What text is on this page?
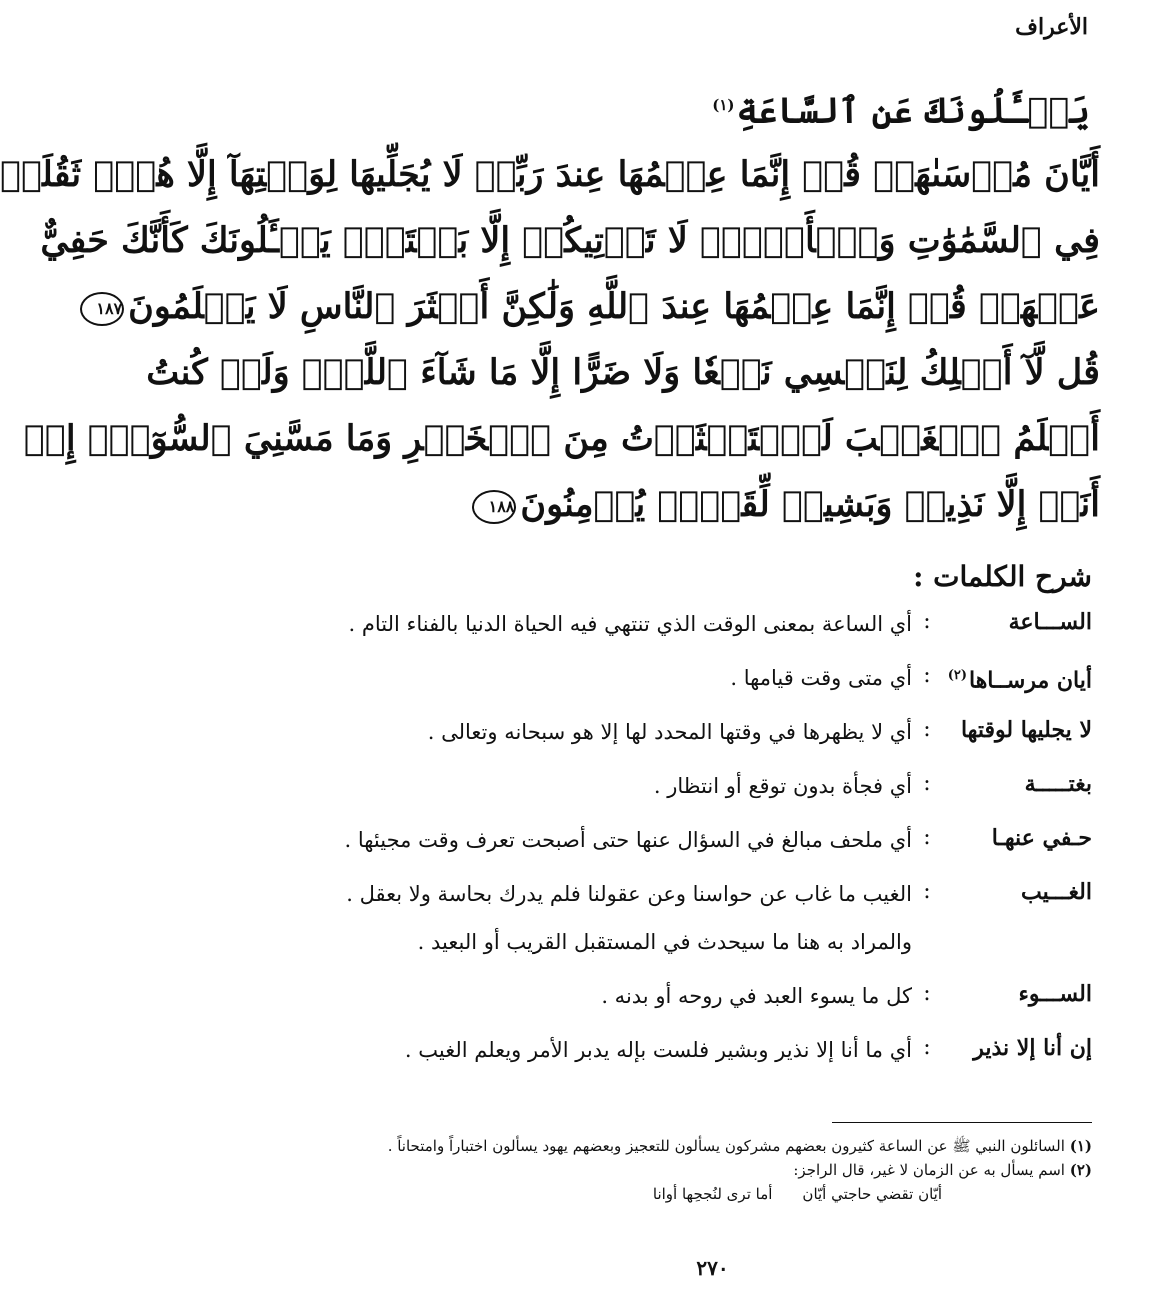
الأعراف
يَسۡـَٔلُونَكَ عَنِ ٱلسَّاعَةِ$^{(١)}$
أَيَّانَ مُرۡسَىٰهَاۖ قُلۡ إِنَّمَا عِلۡمُهَا عِندَ رَبِّيۖ لَا يُجَلِّيهَا لِوَقۡتِهَآ إِلَّا هُوَۚ ثَقُلَتۡ
فِي ٱلسَّمَٰوَٰتِ وَٱلۡأَرۡضِۚ لَا تَأۡتِيكُمۡ إِلَّا بَغۡتَةٗۗ يَسۡـَٔلُونَكَ كَأَنَّكَ حَفِيٌّ
عَنۡهَاۖ قُلۡ إِنَّمَا عِلۡمُهَا عِندَ ٱللَّهِ وَلَٰكِنَّ أَكۡثَرَ ٱلنَّاسِ لَا يَعۡلَمُونَ١٨٧
قُل لَّآ أَمۡلِكُ لِنَفۡسِي نَفۡعٗا وَلَا ضَرًّا إِلَّا مَا شَآءَ ٱللَّهُۚ وَلَوۡ كُنتُ
أَعۡلَمُ ٱلۡغَيۡبَ لَٱسۡتَكۡثَرۡتُ مِنَ ٱلۡخَيۡرِ وَمَا مَسَّنِيَ ٱلسُّوٓءُۚ إِنۡ
أَنَا۠ إِلَّا نَذِيرٞ وَبَشِيرٞ لِّقَوۡمٖ يُؤۡمِنُونَ١٨٨
شرح الكلمات :
الســـاعة
:
أي الساعة بمعنى الوقت الذي تنتهي فيه الحياة الدنيا بالفناء التام .
أيان مرســاها$^{(٢)}$
:
أي متى وقت قيامها .
لا يجليها لوقتها
:
أي لا يظهرها في وقتها المحدد لها إلا هو سبحانه وتعالى .
بغتـــــة
:
أي فجأة بدون توقع أو انتظار .
حـفي عنهـا
:
أي ملحف مبالغ في السؤال عنها حتى أصبحت تعرف وقت مجيئها .
الغـــيب
:
الغيب ما غاب عن حواسنا وعن عقولنا فلم يدرك بحاسة ولا بعقل . والمراد به هنا ما سيحدث في المستقبل القريب أو البعيد .
الســـوء
:
كل ما يسوء العبد في روحه أو بدنه .
إن أنا إلا نذير
:
أي ما أنا إلا نذير وبشير فلست بإله يدبر الأمر ويعلم الغيب .
(١) السائلون النبي ﷺ عن الساعة كثيرون بعضهم مشركون يسألون للتعجيز وبعضهم يهود يسألون اختباراً وامتحاناً .
(٢) اسم يسأل به عن الزمان لا غير، قال الراجز:
أيّان تقضي حاجتي أيّانأما ترى لنُجحِها أوانا
٢٧٠
